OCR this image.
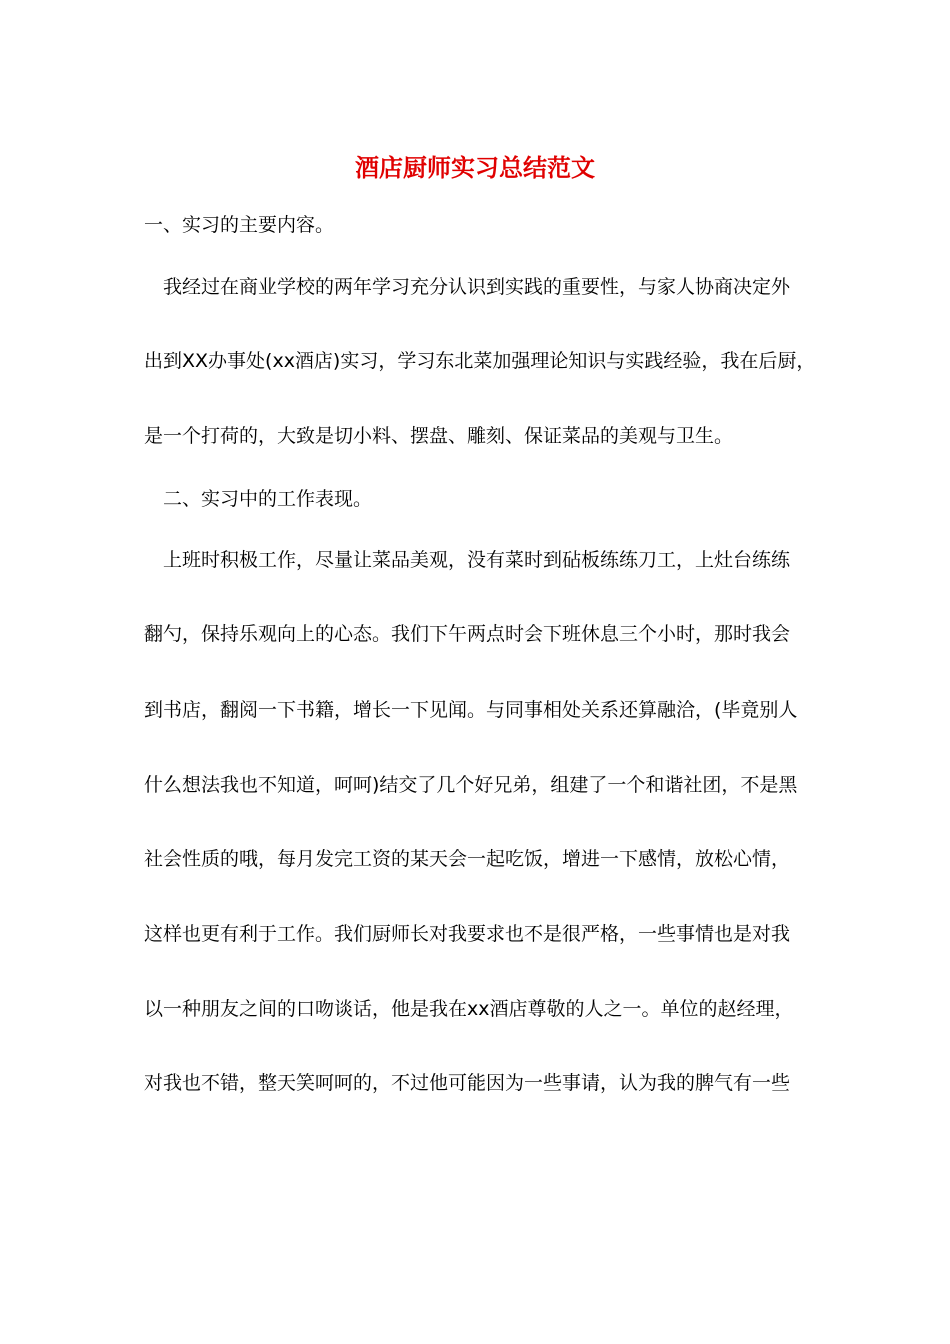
酒店厨师实习总结范文
一、实习的主要内容。
我经过在商业学校的两年学习充分认识到实践的重要性，与家人协商决定外
出到XX办事处(xx酒店)实习，学习东北菜加强理论知识与实践经验，我在后厨，
是一个打荷的，大致是切小料、摆盘、雕刻、保证菜品的美观与卫生。
二、实习中的工作表现。
上班时积极工作，尽量让菜品美观，没有菜时到砧板练练刀工，上灶台练练
翻勺，保持乐观向上的心态。我们下午两点时会下班休息三个小时，那时我会
到书店，翻阅一下书籍，增长一下见闻。与同事相处关系还算融洽，(毕竟别人
什么想法我也不知道，呵呵)结交了几个好兄弟，组建了一个和谐社团，不是黑
社会性质的哦，每月发完工资的某天会一起吃饭，增进一下感情，放松心情，
这样也更有利于工作。我们厨师长对我要求也不是很严格，一些事情也是对我
以一种朋友之间的口吻谈话，他是我在xx酒店尊敬的人之一。单位的赵经理，
对我也不错，整天笑呵呵的，不过他可能因为一些事请，认为我的脾气有一些
